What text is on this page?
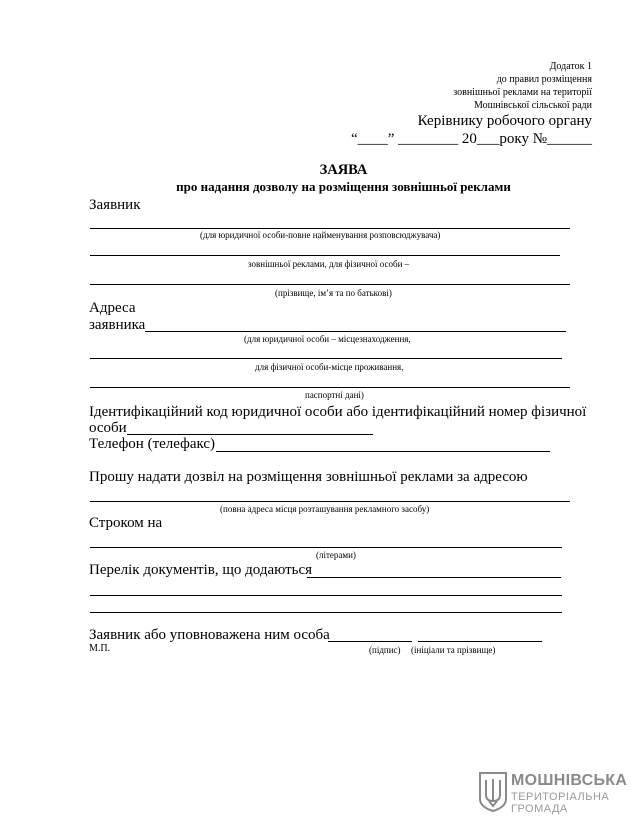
Додаток 1
до правил розміщення
зовнішньої реклами на території
Мошнівської сільської ради
Керівнику робочого органу
“____” ________ 20___року №______
ЗАЯВА
про надання дозволу на розміщення зовнішньої реклами
Заявник
(для юридичної особи-повне найменування розповсюджувача)
зовнішньої реклами, для фізичної особи –
(прізвище, ім’я та по батькові)
Адреса
заявника
(для юридичної особи – місцезнаходження,
для фізичної особи-місце проживання,
паспортні дані)
Ідентифікаційний код юридичної особи або ідентифікаційний номер фізичної
особи
Телефон (телефакс)
Прошу надати дозвіл на розміщення зовнішньої реклами за адресою
(повна адреса місця розташування рекламного засобу)
Строком на
(літерами)
Перелік документів, що додаються
Заявник або уповноважена ним особа
М.П.	(підпис) (ініціали та прізвище)
МОШНІВСЬКА
ТЕРИТОРІАЛЬНА
ГРОМАДА
